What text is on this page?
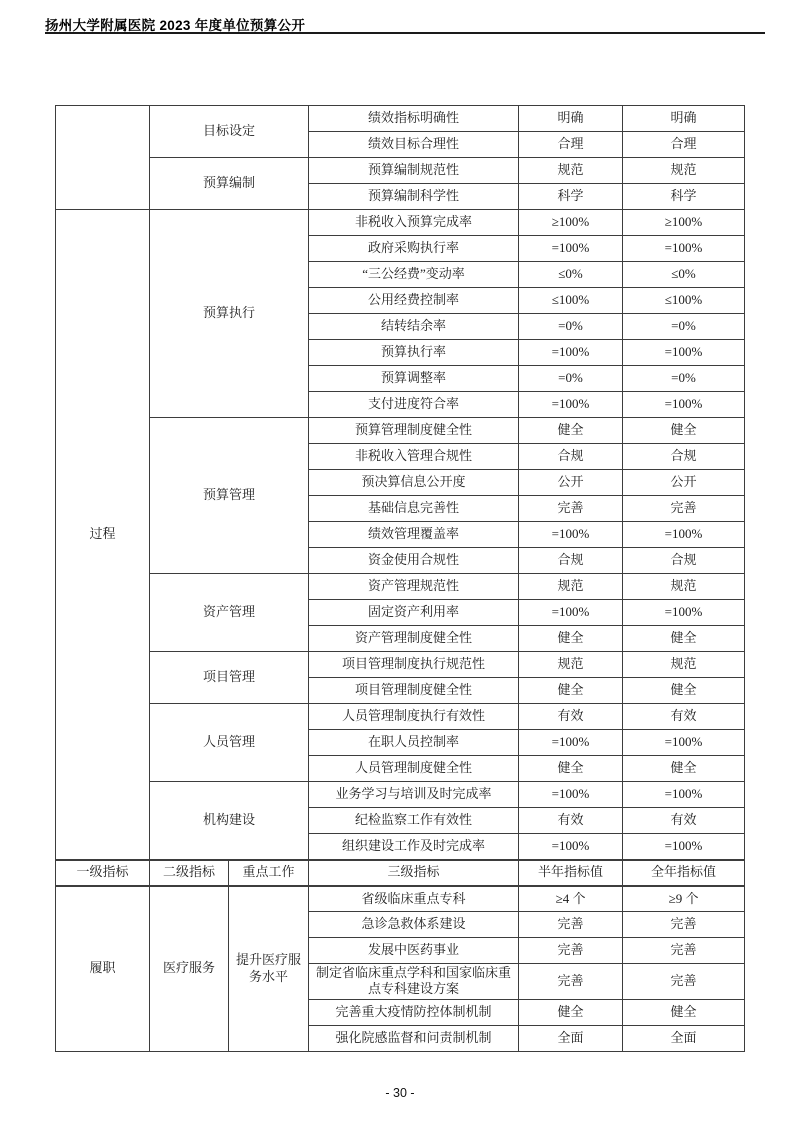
扬州大学附属医院 2023 年度单位预算公开
	目标设定		绩效指标明确性	明确	明确
			绩效目标合理性	合理	合理
	预算编制		预算编制规范性	规范	规范
			预算编制科学性	科学	科学
过程	预算执行		非税收入预算完成率	≥100%	≥100%
			政府采购执行率	=100%	=100%
			“三公经费”变动率	≤0%	≤0%
			公用经费控制率	≤100%	≤100%
			结转结余率	=0%	=0%
			预算执行率	=100%	=100%
			预算调整率	=0%	=0%
			支付进度符合率	=100%	=100%
	预算管理		预算管理制度健全性	健全	健全
			非税收入管理合规性	合规	合规
			预决算信息公开度	公开	公开
			基础信息完善性	完善	完善
			绩效管理覆盖率	=100%	=100%
			资金使用合规性	合规	合规
	资产管理		资产管理规范性	规范	规范
			固定资产利用率	=100%	=100%
			资产管理制度健全性	健全	健全
	项目管理		项目管理制度执行规范性	规范	规范
			项目管理制度健全性	健全	健全
	人员管理		人员管理制度执行有效性	有效	有效
			在职人员控制率	=100%	=100%
			人员管理制度健全性	健全	健全
	机构建设		业务学习与培训及时完成率	=100%	=100%
			纪检监察工作有效性	有效	有效
			组织建设工作及时完成率	=100%	=100%
一级指标	二级指标	重点工作	三级指标	半年指标值	全年指标值
履职	医疗服务	提升医疗服务水平	省级临床重点专科	≥4 个	≥9 个
			急诊急救体系建设	完善	完善
			发展中医药事业	完善	完善
			制定省临床重点学科和国家临床重点专科建设方案	完善	完善
			完善重大疫情防控体制机制	健全	健全
			强化院感监督和问责制机制	全面	全面
- 30 -
